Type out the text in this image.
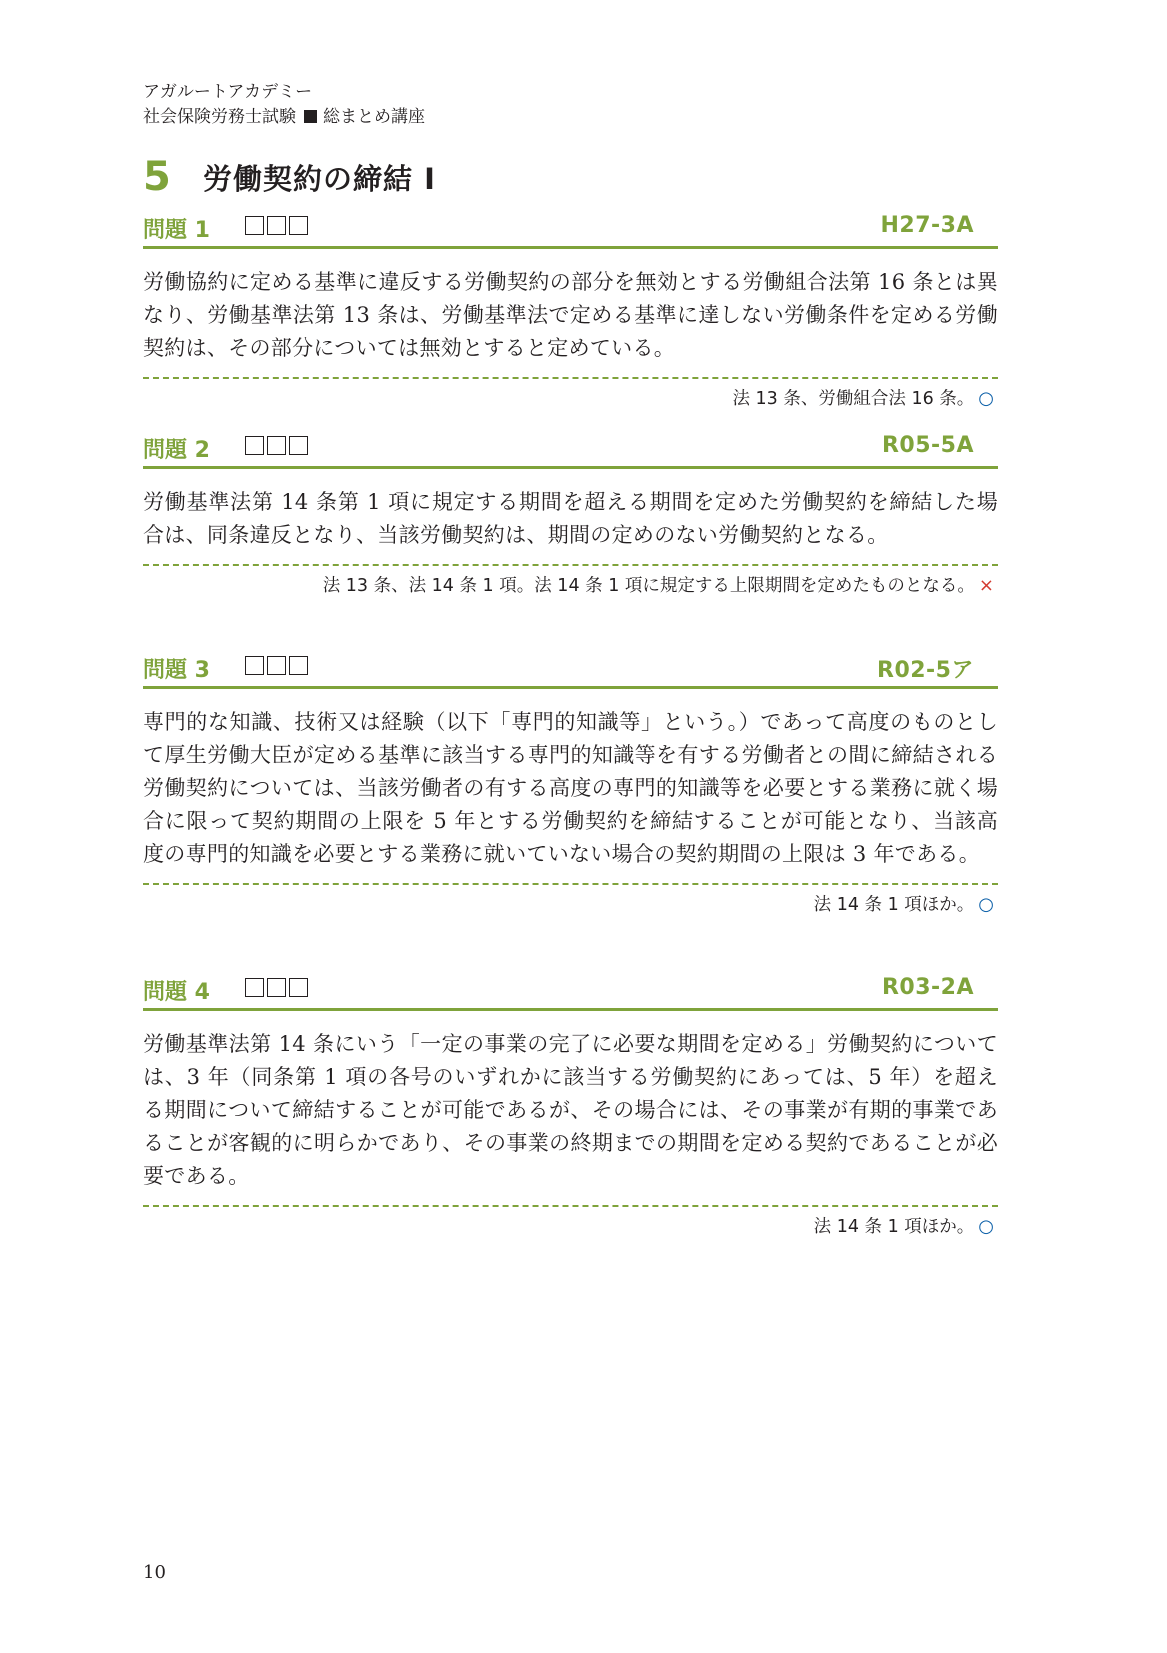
アガルートアカデミー
社会保険労務士試験 総まとめ講座
5	労働契約の締結 I
問題 1	H27-3A
労働協約に定める基準に違反する労働契約の部分を無効とする労働組合法第 16 条とは異なり、労働基準法第 13 条は、労働基準法で定める基準に達しない労働条件を定める労働契約は、その部分については無効とすると定めている。
法 13 条、労働組合法 16 条。 ○
問題 2	R05-5A
労働基準法第 14 条第 1 項に規定する期間を超える期間を定めた労働契約を締結した場合は、同条違反となり、当該労働契約は、期間の定めのない労働契約となる。
法 13 条、法 14 条 1 項。法 14 条 1 項に規定する上限期間を定めたものとなる。 ×
問題 3	R02-5ア
専門的な知識、技術又は経験（以下「専門的知識等」という。）であって高度のものとして厚生労働大臣が定める基準に該当する専門的知識等を有する労働者との間に締結される労働契約については、当該労働者の有する高度の専門的知識等を必要とする業務に就く場合に限って契約期間の上限を 5 年とする労働契約を締結することが可能となり、当該高度の専門的知識を必要とする業務に就いていない場合の契約期間の上限は 3 年である。
法 14 条 1 項ほか。 ○
問題 4	R03-2A
労働基準法第 14 条にいう「一定の事業の完了に必要な期間を定める」労働契約については、3 年（同条第 1 項の各号のいずれかに該当する労働契約にあっては、5 年）を超える期間について締結することが可能であるが、その場合には、その事業が有期的事業であることが客観的に明らかであり、その事業の終期までの期間を定める契約であることが必要である。
法 14 条 1 項ほか。 ○
10
